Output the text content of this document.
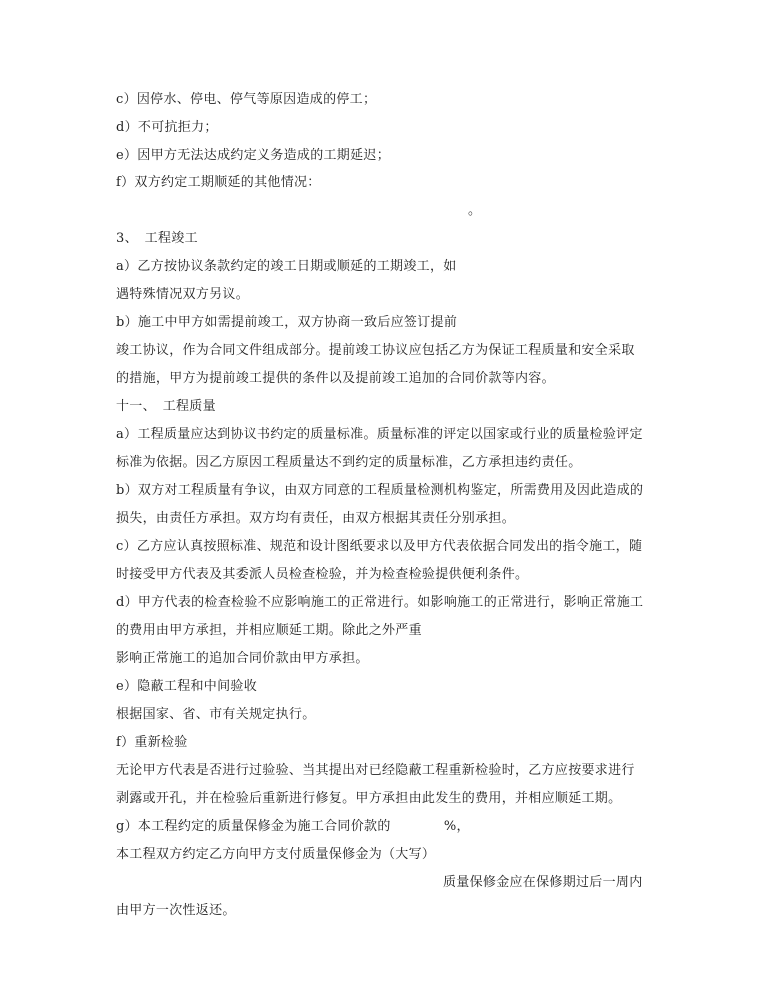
c）因停水、停电、停气等原因造成的停工；
d）不可抗拒力；
e）因甲方无法达成约定义务造成的工期延迟；
f）双方约定工期顺延的其他情况：
。
3、　工程竣工
a）乙方按协议条款约定的竣工日期或顺延的工期竣工，如
遇特殊情况双方另议。
b）施工中甲方如需提前竣工，双方协商一致后应签订提前
竣工协议，作为合同文件组成部分。提前竣工协议应包括乙方为保证工程质量和安全采取
的措施，甲方为提前竣工提供的条件以及提前竣工追加的合同价款等内容。
十一、　工程质量
a）工程质量应达到协议书约定的质量标准。质量标准的评定以国家或行业的质量检验评定
标准为依据。因乙方原因工程质量达不到约定的质量标准，乙方承担违约责任。
b）双方对工程质量有争议，由双方同意的工程质量检测机构鉴定，所需费用及因此造成的
损失，由责任方承担。双方均有责任，由双方根据其责任分别承担。
c）乙方应认真按照标准、规范和设计图纸要求以及甲方代表依据合同发出的指令施工，随
时接受甲方代表及其委派人员检查检验，并为检查检验提供便利条件。
d）甲方代表的检查检验不应影响施工的正常进行。如影响施工的正常进行，影响正常施工
的费用由甲方承担，并相应顺延工期。除此之外严重
影响正常施工的追加合同价款由甲方承担。
e）隐蔽工程和中间验收
根据国家、省、市有关规定执行。
f）重新检验
无论甲方代表是否进行过验验、当其提出对已经隐蔽工程重新检验时，乙方应按要求进行
剥露或开孔，并在检验后重新进行修复。甲方承担由此发生的费用，并相应顺延工期。
g）本工程约定的质量保修金为施工合同价款的　　　　%，
本工程双方约定乙方向甲方支付质量保修金为（大写）
质量保修金应在保修期过后一周内
由甲方一次性返还。
